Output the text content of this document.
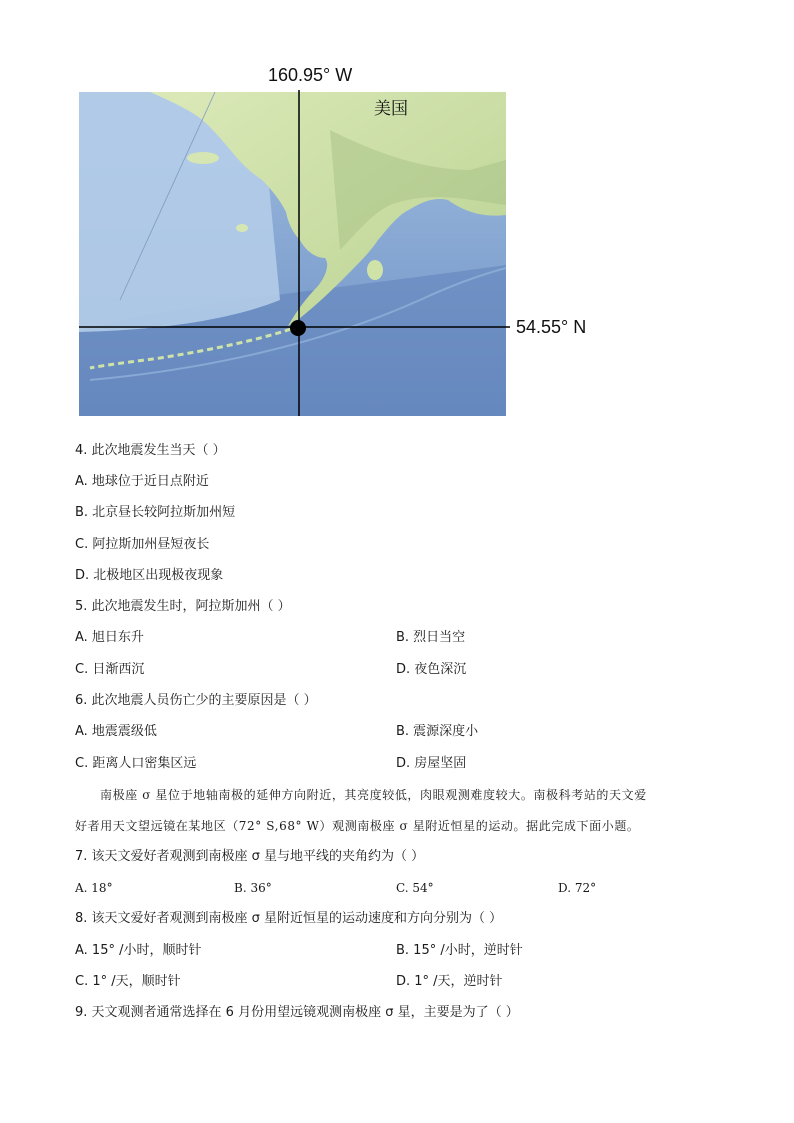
160.95° W
54.55° N
美国
4. 此次地震发生当天（ ）
A. 地球位于近日点附近
B. 北京昼长较阿拉斯加州短
C. 阿拉斯加州昼短夜长
D. 北极地区出现极夜现象
5. 此次地震发生时，阿拉斯加州（ ）
A. 旭日东升	B. 烈日当空
C. 日渐西沉	D. 夜色深沉
6. 此次地震人员伤亡少的主要原因是（ ）
A. 地震震级低	B. 震源深度小
C. 距离人口密集区远	D. 房屋坚固
南极座 σ 星位于地轴南极的延伸方向附近，其亮度较低，肉眼观测难度较大。南极科考站的天文爱
好者用天文望远镜在某地区（72° S,68° W）观测南极座 σ 星附近恒星的运动。据此完成下面小题。
7. 该天文爱好者观测到南极座 σ 星与地平线的夹角约为（ ）
A. 18°	B. 36°	C. 54°	D. 72°
8. 该天文爱好者观测到南极座 σ 星附近恒星的运动速度和方向分别为（ ）
A. 15° /小时，顺时针	B. 15° /小时，逆时针
C. 1° /天，顺时针	D. 1° /天，逆时针
9. 天文观测者通常选择在 6 月份用望远镜观测南极座 σ 星，主要是为了（ ）
